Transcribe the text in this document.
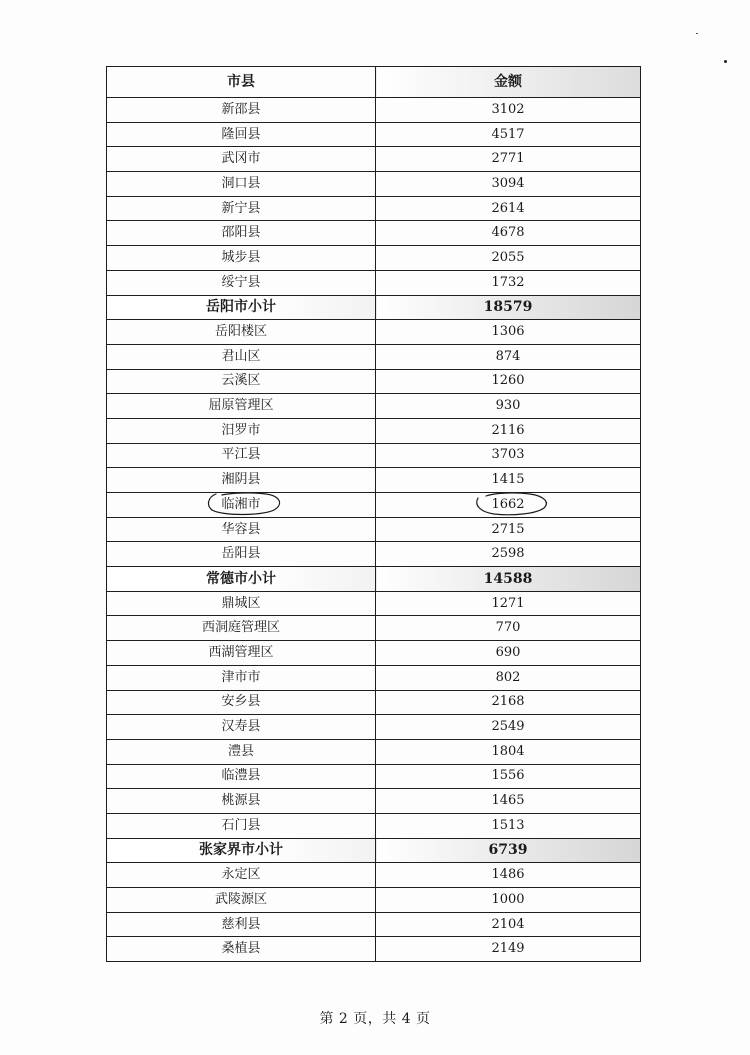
市县	金额
新邵县	3102
隆回县	4517
武冈市	2771
洞口县	3094
新宁县	2614
邵阳县	4678
城步县	2055
绥宁县	1732
岳阳市小计	18579
岳阳楼区	1306
君山区	874
云溪区	1260
屈原管理区	930
汨罗市	2116
平江县	3703
湘阴县	1415
临湘市	1662

华容县	2715
岳阳县	2598
常德市小计	14588
鼎城区	1271
西洞庭管理区	770
西湖管理区	690
津市市	802
安乡县	2168
汉寿县	2549
澧县	1804
临澧县	1556
桃源县	1465
石门县	1513
张家界市小计	6739
永定区	1486
武陵源区	1000
慈利县	2104
桑植县	2149
第 2 页，共 4 页
